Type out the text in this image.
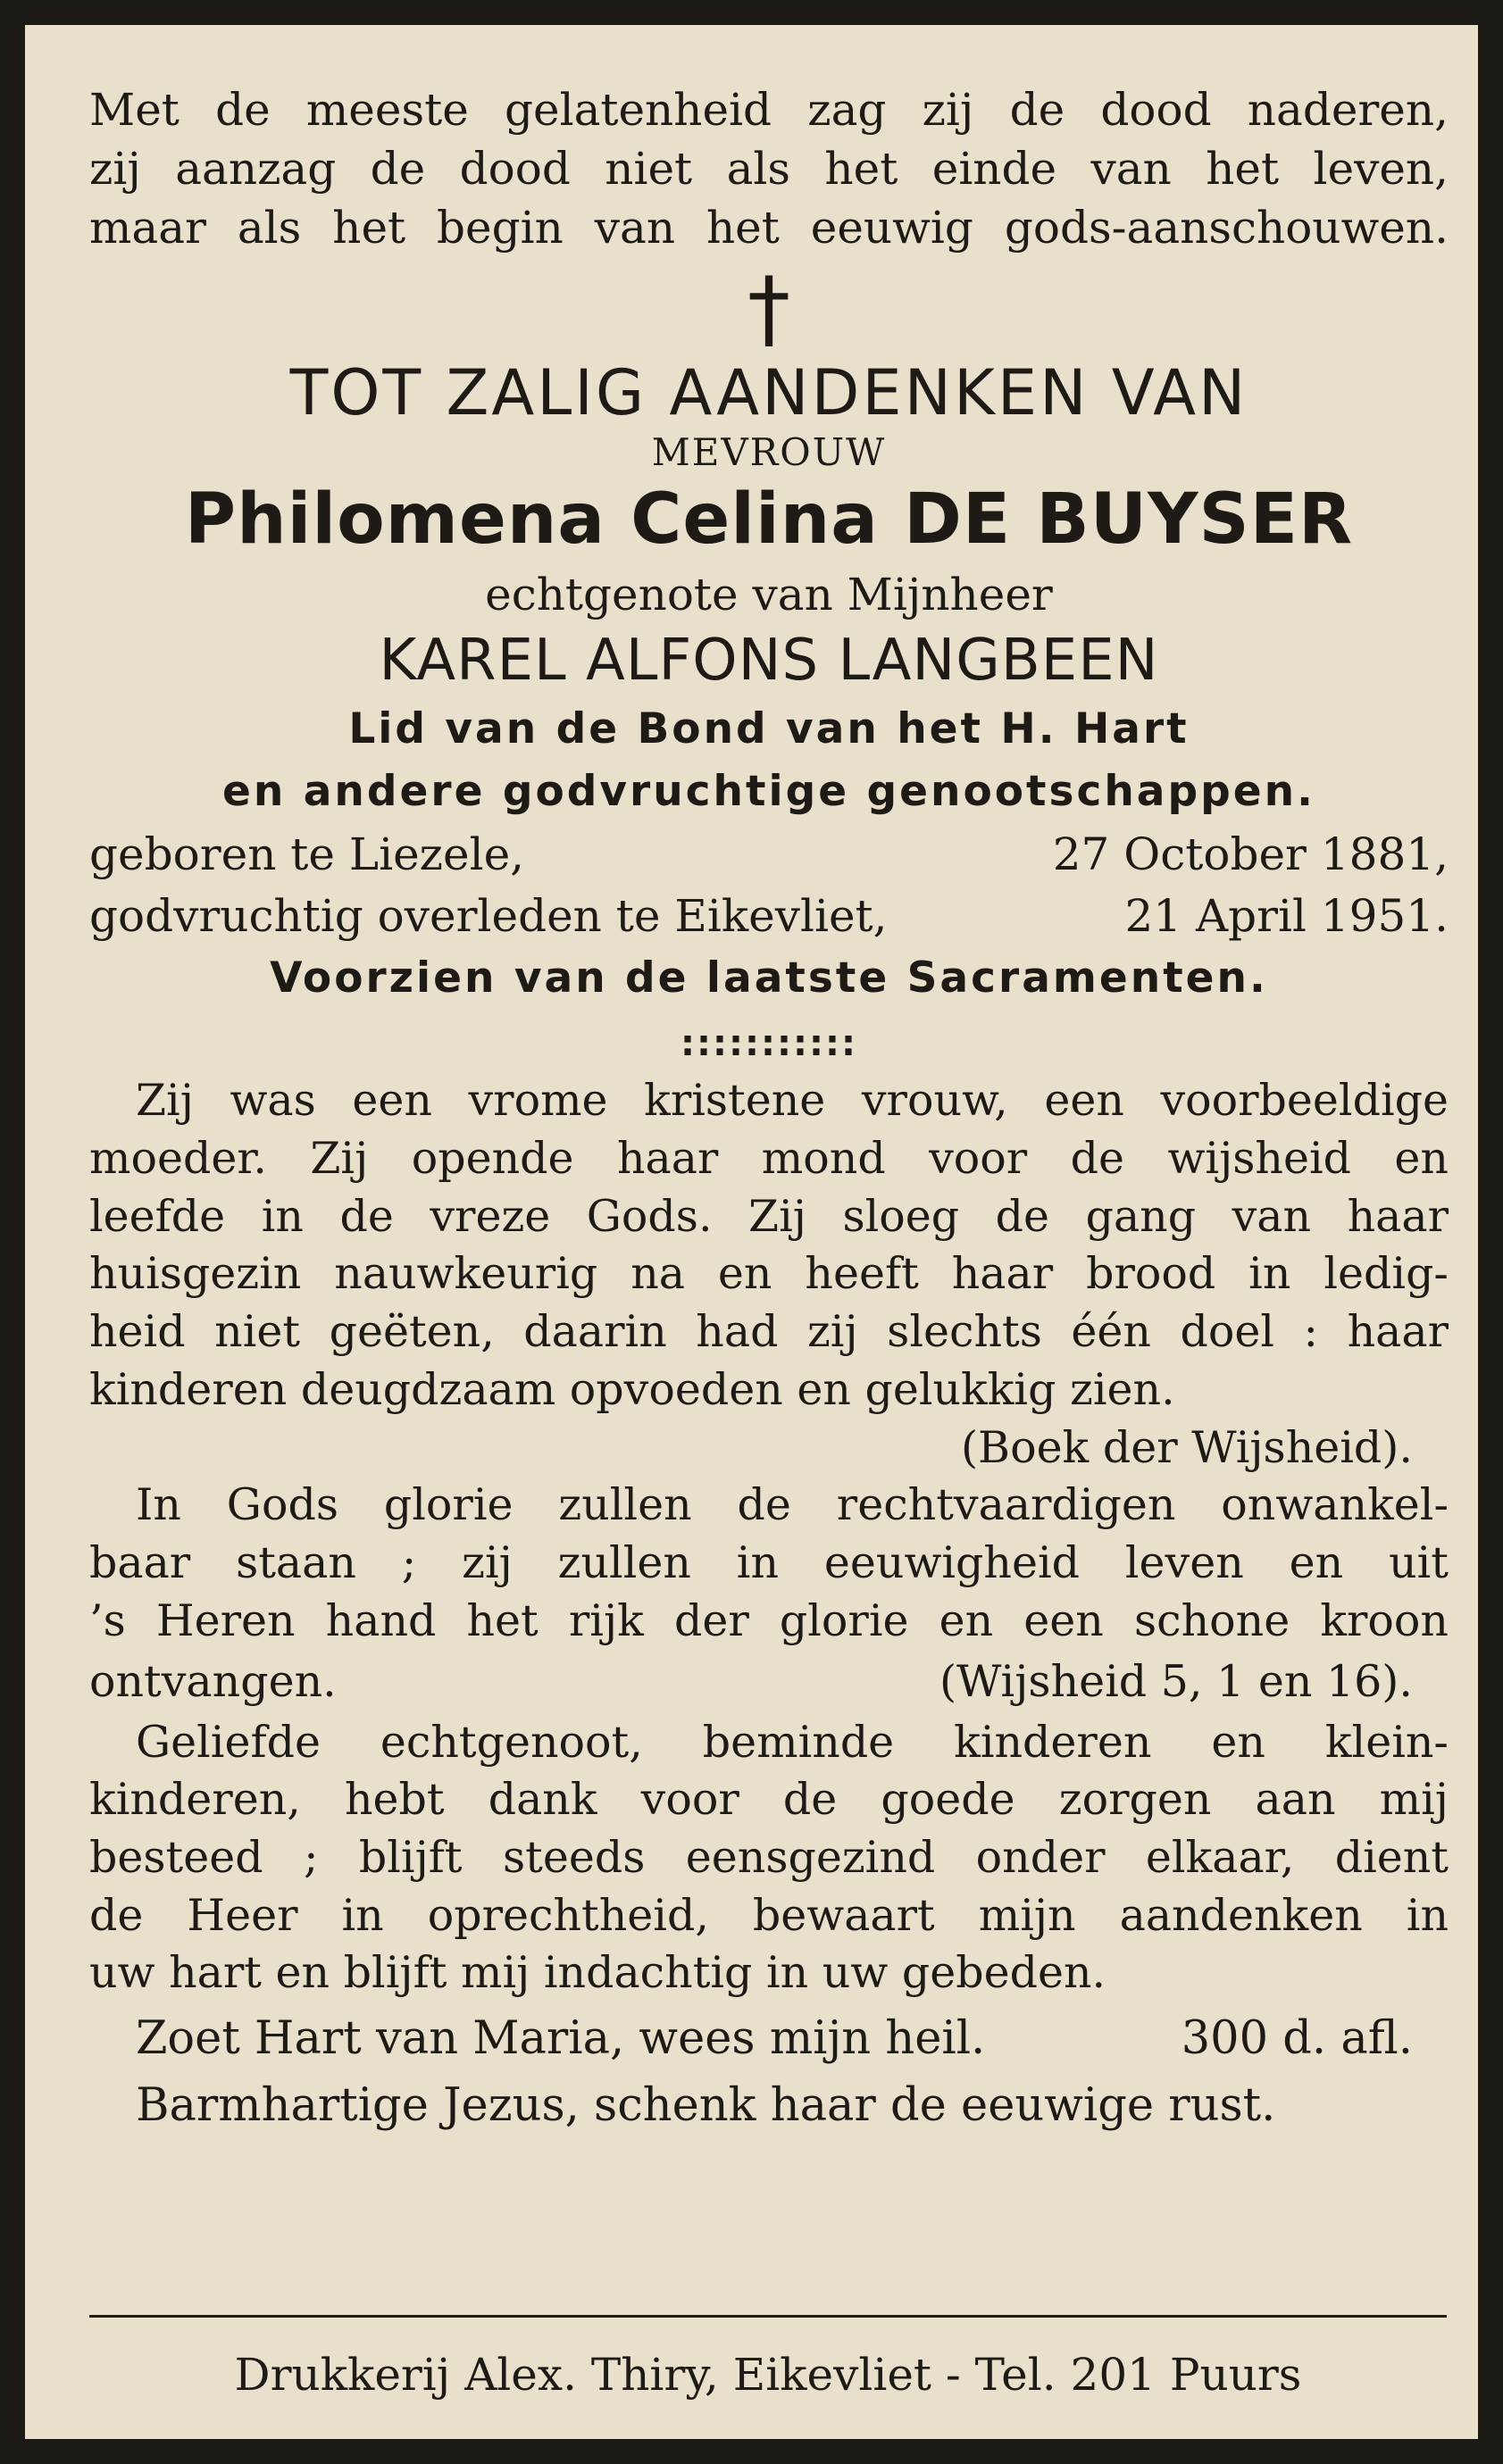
Met de meeste gelatenheid zag zij de dood naderen,
zij aanzag de dood niet als het einde van het leven,
maar als het begin van het eeuwig gods-aanschouwen.
†
TOT ZALIG AANDENKEN VAN
MEVROUW
Philomena Celina DE BUYSER
echtgenote van Mijnheer
KAREL ALFONS LANGBEEN
Lid van de Bond van het H. Hart
en andere godvruchtige genootschappen.
geboren te Liezele,	27 October 1881,
godvruchtig overleden te Eikevliet,	21 April 1951.
Voorzien van de laatste Sacramenten.
:::::::::::
Zij was een vrome kristene vrouw, een voorbeeldige
moeder. Zij opende haar mond voor de wijsheid en
leefde in de vreze Gods. Zij sloeg de gang van haar
huisgezin nauwkeurig na en heeft haar brood in ledig-
heid niet geëten, daarin had zij slechts één doel : haar
kinderen deugdzaam opvoeden en gelukkig zien.
(Boek der Wijsheid).
In Gods glorie zullen de rechtvaardigen onwankel-
baar staan ; zij zullen in eeuwigheid leven en uit
’s Heren hand het rijk der glorie en een schone kroon
ontvangen.	(Wijsheid 5, 1 en 16).
Geliefde echtgenoot, beminde kinderen en klein-
kinderen, hebt dank voor de goede zorgen aan mij
besteed ; blijft steeds eensgezind onder elkaar, dient
de Heer in oprechtheid, bewaart mijn aandenken in
uw hart en blijft mij indachtig in uw gebeden.
Zoet Hart van Maria, wees mijn heil.	300 d. afl.
Barmhartige Jezus, schenk haar de eeuwige rust.
Drukkerij Alex. Thiry, Eikevliet - Tel. 201 Puurs
